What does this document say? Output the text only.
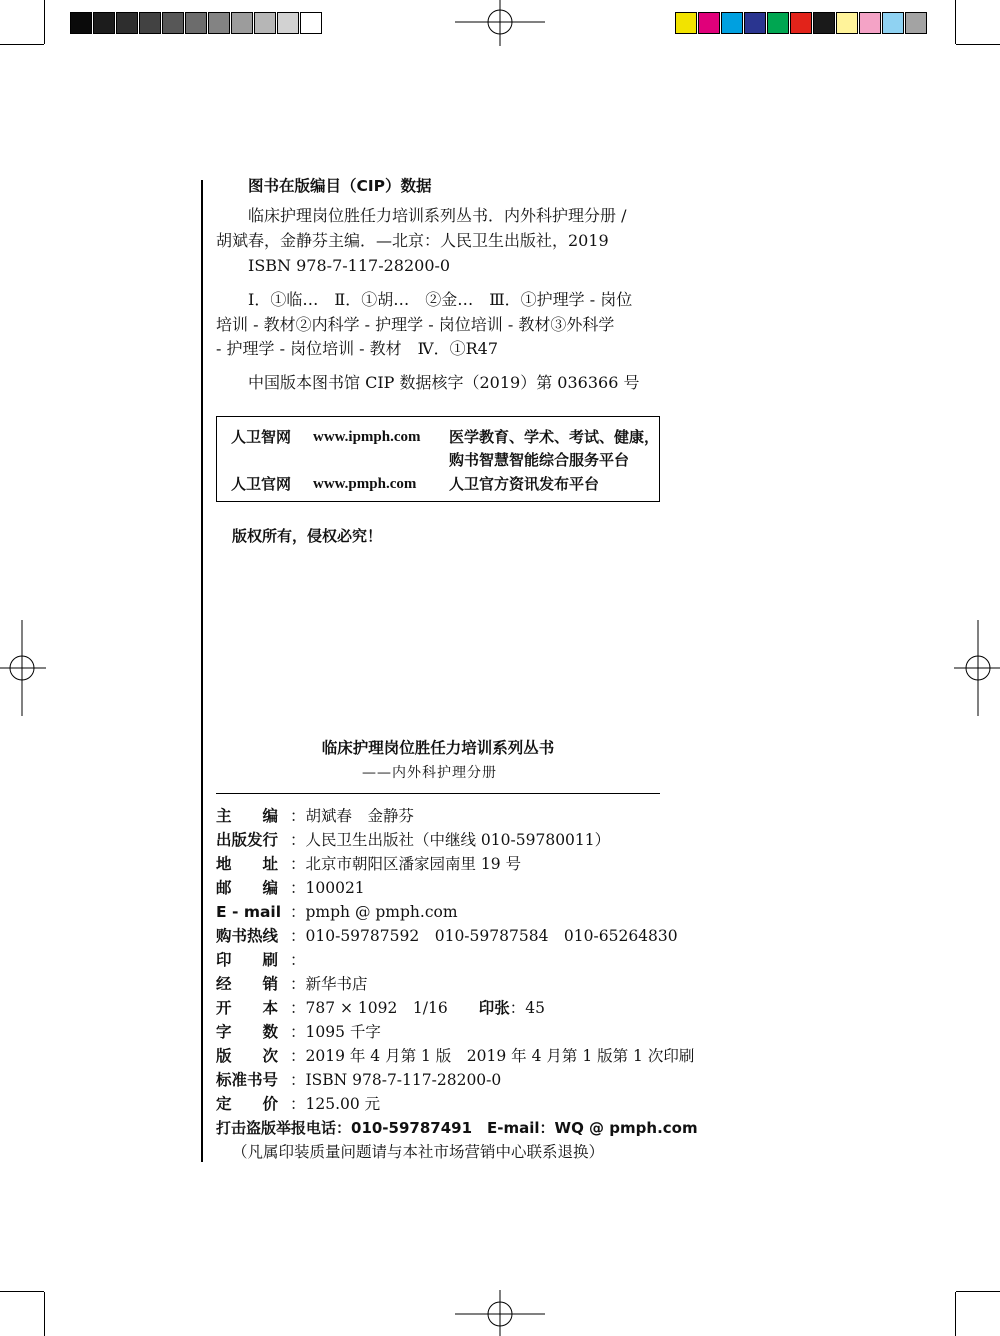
图书在版编目（CIP）数据
临床护理岗位胜任力培训系列丛书．内外科护理分册 /
胡斌春，金静芬主编．—北京：人民卫生出版社，2019
ISBN 978-7-117-28200-0
Ⅰ．①临…　Ⅱ．①胡…　②金…　Ⅲ．①护理学 - 岗位
培训 - 教材②内科学 - 护理学 - 岗位培训 - 教材③外科学
- 护理学 - 岗位培训 - 教材　Ⅳ．①R47
中国版本图书馆 CIP 数据核字（2019）第 036366 号
人卫智网 www.ipmph.com 医学教育、学术、考试、健康，
购书智慧智能综合服务平台
人卫官网 www.pmph.com 人卫官方资讯发布平台
版权所有，侵权必究！
临床护理岗位胜任力培训系列丛书
——内外科护理分册
主　　编 ：胡斌春　金静芬
出版发行 ：人民卫生出版社（中继线 010-59780011）
地　　址 ：北京市朝阳区潘家园南里 19 号
邮　　编 ：100021
E - mail ：pmph @ pmph.com
购书热线 ：010-59787592　010-59787584　010-65264830
印　　刷 ：
经　　销 ：新华书店
开　　本 ：787 × 1092　1/16　　印张：45
字　　数 ：1095 千字
版　　次 ：2019 年 4 月第 1 版　2019 年 4 月第 1 版第 1 次印刷
标准书号 ：ISBN 978-7-117-28200-0
定　　价 ：125.00 元
打击盗版举报电话：010-59787491　E-mail：WQ @ pmph.com
（凡属印装质量问题请与本社市场营销中心联系退换）
